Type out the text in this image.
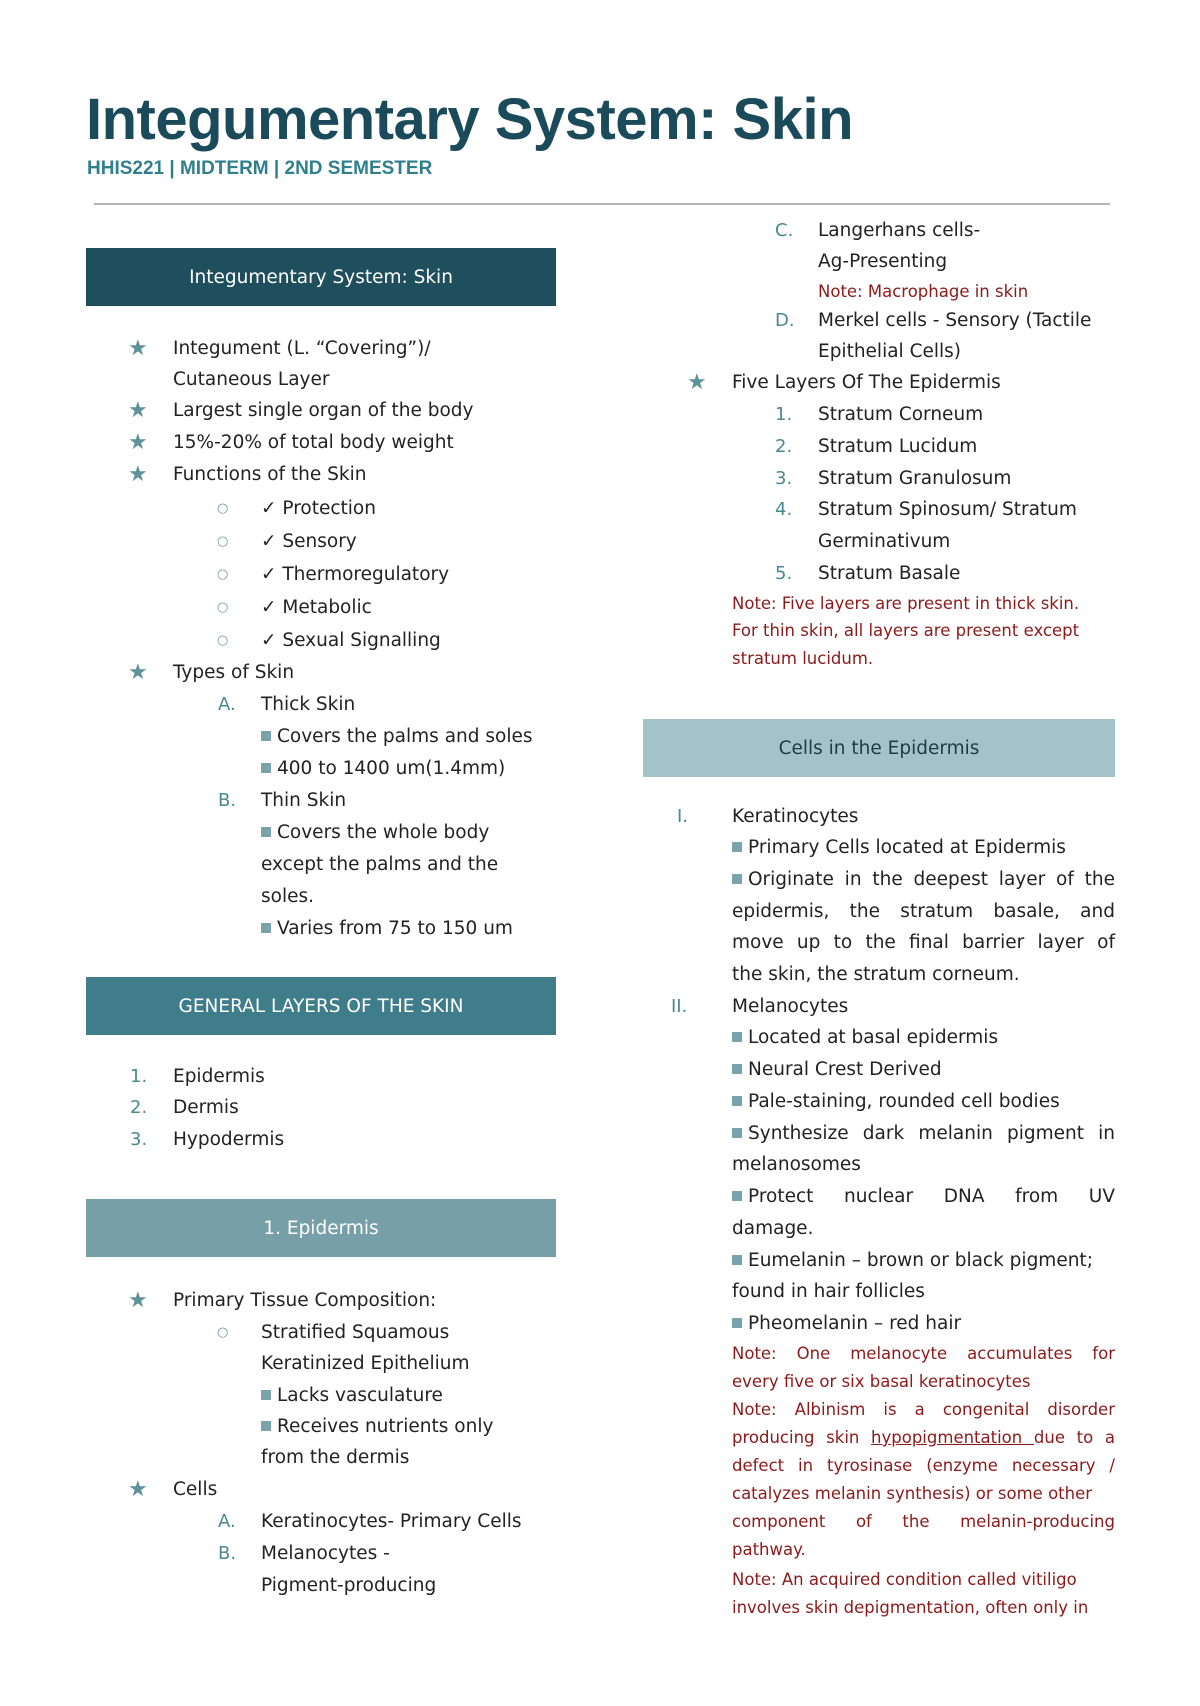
Integumentary System: Skin
HHIS221 | MIDTERM | 2ND SEMESTER
Integumentary System: Skin
★ Integument (L. “Covering”)/
Cutaneous Layer
★ Largest single organ of the body
★ 15%-20% of total body weight
★ Functions of the Skin
○ ✓ Protection
○ ✓ Sensory
○ ✓ Thermoregulatory
○ ✓ Metabolic
○ ✓ Sexual Signalling
★ Types of Skin
A. Thick Skin
Covers the palms and soles
400 to 1400 um(1.4mm)
B. Thin Skin
Covers the whole body
except the palms and the
soles.
Varies from 75 to 150 um
GENERAL LAYERS OF THE SKIN
1. Epidermis
2. Dermis
3. Hypodermis
1. Epidermis
★ Primary Tissue Composition:
○ Stratified Squamous
Keratinized Epithelium
Lacks vasculature
Receives nutrients only
from the dermis
★ Cells
A. Keratinocytes- Primary Cells
B. Melanocytes -
Pigment-producing
C. Langerhans cells-
Ag-Presenting
Note: Macrophage in skin
D. Merkel cells - Sensory (Tactile
Epithelial Cells)
★ Five Layers Of The Epidermis
1. Stratum Corneum
2. Stratum Lucidum
3. Stratum Granulosum
4. Stratum Spinosum/ Stratum
Germinativum
5. Stratum Basale
Note: Five layers are present in thick skin.
For thin skin, all layers are present except
stratum lucidum.
Cells in the Epidermis
I. Keratinocytes
Primary Cells located at Epidermis
Originate in the deepest layer of the
epidermis, the stratum basale, and
move up to the final barrier layer of
the skin, the stratum corneum.
II. Melanocytes
Located at basal epidermis
Neural Crest Derived
Pale-staining, rounded cell bodies
Synthesize dark melanin pigment in
melanosomes
Protect nuclear DNA from UV
damage.
Eumelanin – brown or black pigment;
found in hair follicles
Pheomelanin – red hair
Note: One melanocyte accumulates for
every five or six basal keratinocytes
Note: Albinism is a congenital disorder
producing skin hypopigmentation due to a
defect in tyrosinase (enzyme necessary /
catalyzes melanin synthesis) or some other
component of the melanin-producing
pathway.
Note: An acquired condition called vitiligo
involves skin depigmentation, often only in
